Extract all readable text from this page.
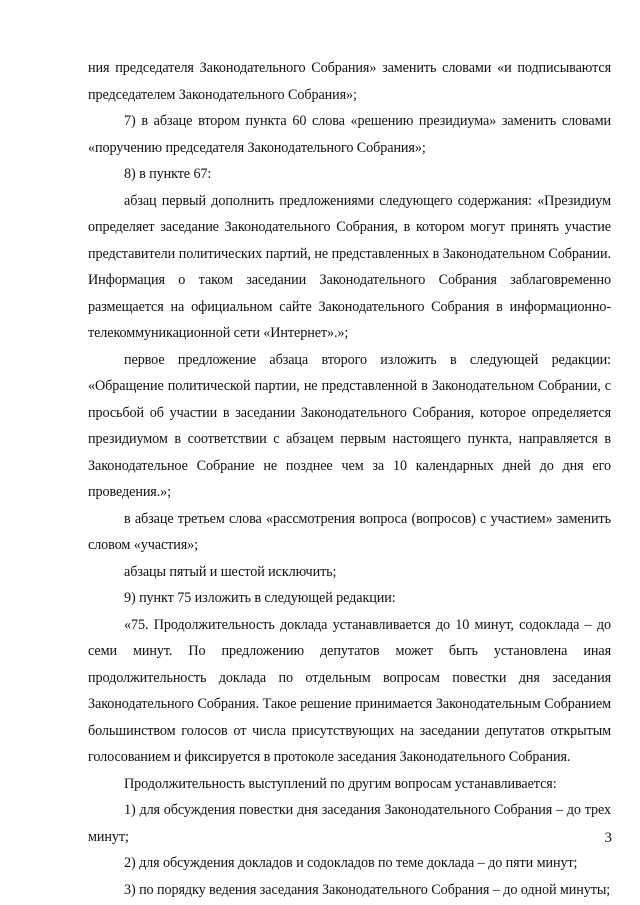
ния председателя Законодательного Собрания» заменить словами «и подписываются председателем Законодательного Собрания»;

7) в абзаце втором пункта 60 слова «решению президиума» заменить словами «поручению председателя Законодательного Собрания»;

8) в пункте 67:

абзац первый дополнить предложениями следующего содержания: «Президиум определяет заседание Законодательного Собрания, в котором могут принять участие представители политических партий, не представленных в Законодательном Собрании. Информация о таком заседании Законодательного Собрания заблаговременно размещается на официальном сайте Законодательного Собрания в информационно-телекоммуникационной сети «Интернет».»;

первое предложение абзаца второго изложить в следующей редакции: «Обращение политической партии, не представленной в Законодательном Собрании, с просьбой об участии в заседании Законодательного Собрания, которое определяется президиумом в соответствии с абзацем первым настоящего пункта, направляется в Законодательное Собрание не позднее чем за 10 календарных дней до дня его проведения.»;

в абзаце третьем слова «рассмотрения вопроса (вопросов) с участием» заменить словом «участия»;

абзацы пятый и шестой исключить;

9) пункт 75 изложить в следующей редакции:

«75. Продолжительность доклада устанавливается до 10 минут, содоклада – до семи минут. По предложению депутатов может быть установлена иная продолжительность доклада по отдельным вопросам повестки дня заседания Законодательного Собрания. Такое решение принимается Законодательным Собранием большинством голосов от числа присутствующих на заседании депутатов открытым голосованием и фиксируется в протоколе заседания Законодательного Собрания.

Продолжительность выступлений по другим вопросам устанавливается:

1) для обсуждения повестки дня заседания Законодательного Собрания – до трех минут;

2) для обсуждения докладов и содокладов по теме доклада – до пяти минут;

3) по порядку ведения заседания Законодательного Собрания – до одной минуты;

3
